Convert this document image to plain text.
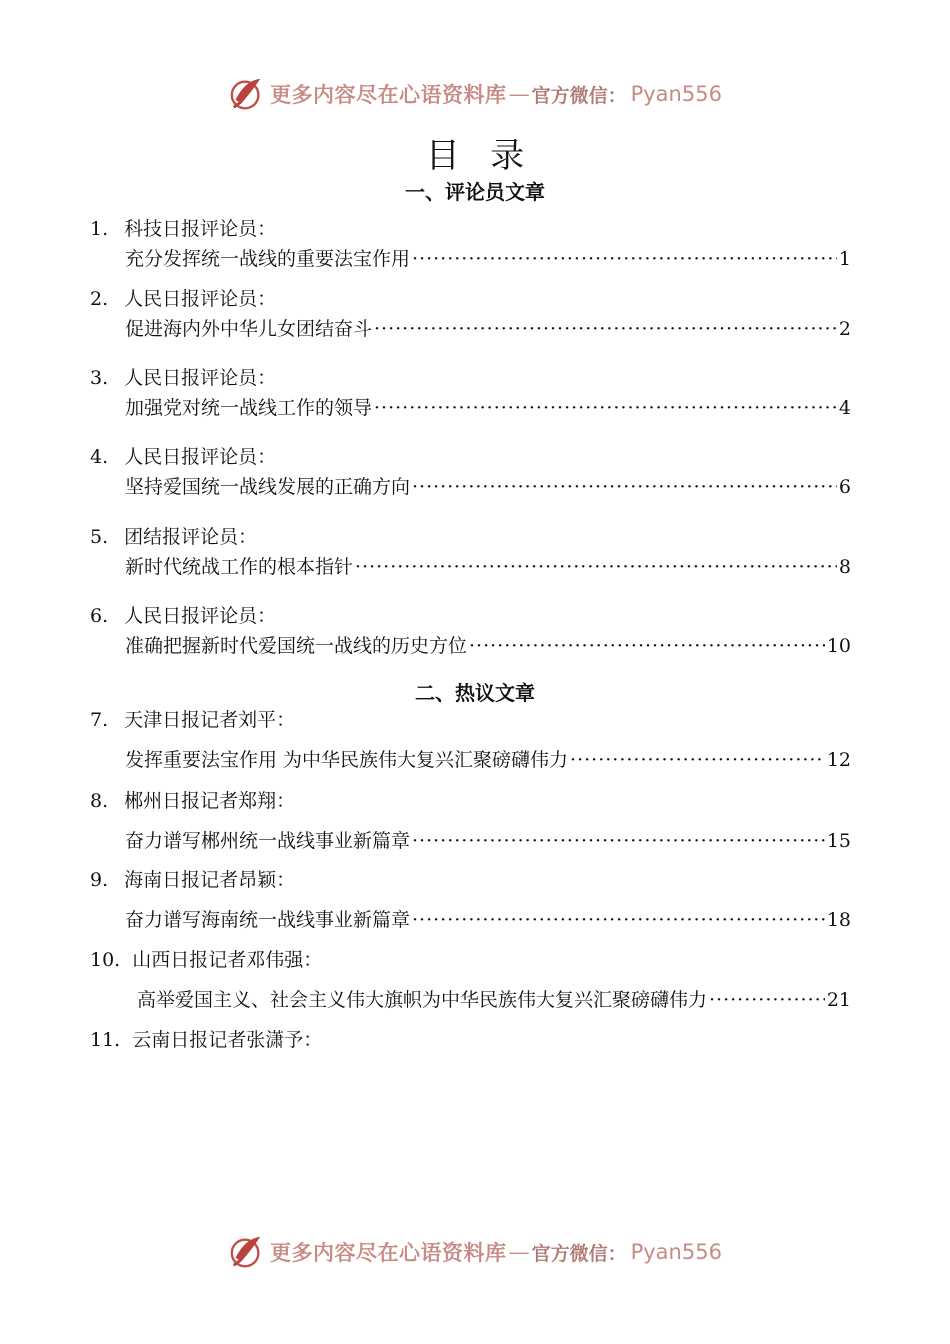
更多内容尽在心语资料库 — 官方微信： Pyan556
目录
一、评论员文章
二、热议文章
1. 科技日报评论员：
充分发挥统一战线的重要法宝作用 ·····	1
2. 人民日报评论员：
促进海内外中华儿女团结奋斗 ·····	2
3. 人民日报评论员：
加强党对统一战线工作的领导 ·····	4
4. 人民日报评论员：
坚持爱国统一战线发展的正确方向 ·····	6
5. 团结报评论员：
新时代统战工作的根本指针 ·····	8
6. 人民日报评论员：
准确把握新时代爱国统一战线的历史方位 ·····	10
7. 天津日报记者刘平：
发挥重要法宝作用 为中华民族伟大复兴汇聚磅礴伟力 ·····	12
8. 郴州日报记者郑翔：
奋力谱写郴州统一战线事业新篇章 ·····	15
9. 海南日报记者昂颖：
奋力谱写海南统一战线事业新篇章 ·····	18
10. 山西日报记者邓伟强：
高举爱国主义、社会主义伟大旗帜为中华民族伟大复兴汇聚磅礴伟力 ·····	21
11. 云南日报记者张潇予：
更多内容尽在心语资料库 — 官方微信： Pyan556
